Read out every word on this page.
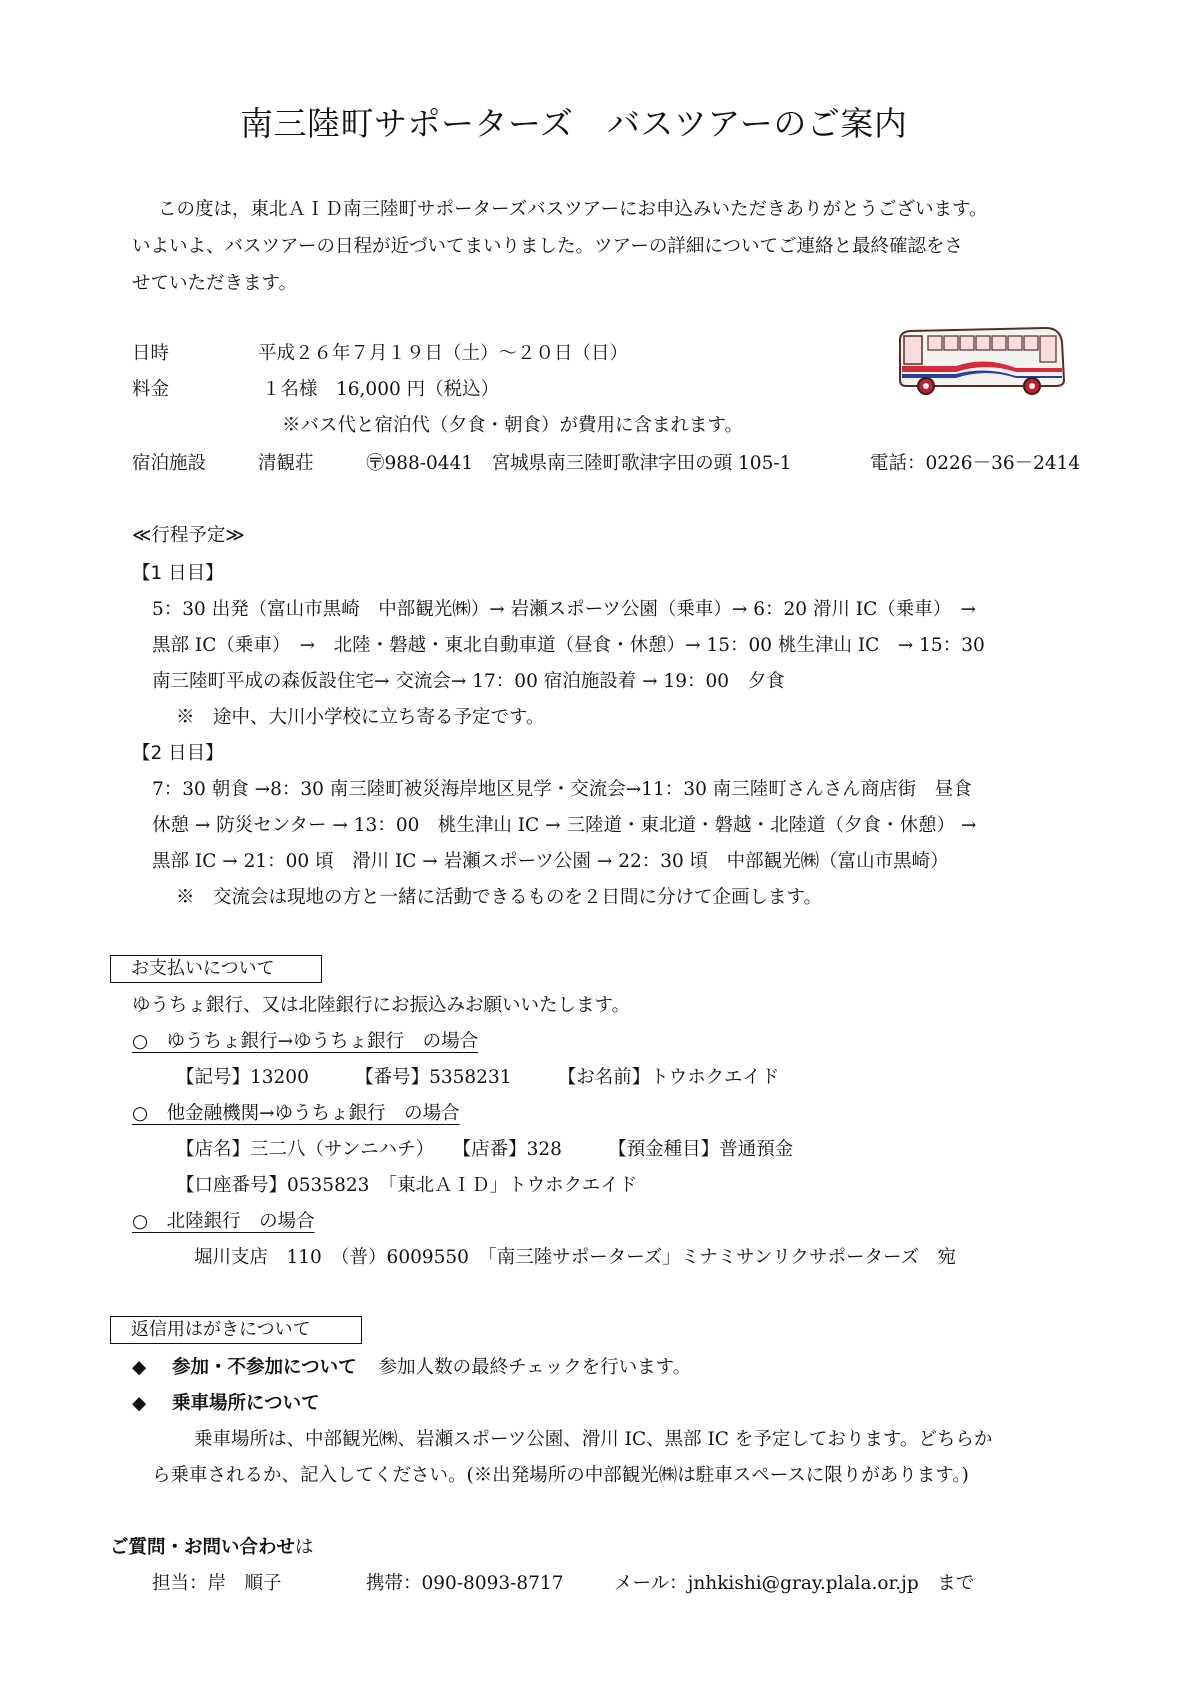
南三陸町サポーターズ　バスツアーのご案内
この度は，東北ＡＩＤ南三陸町サポーターズバスツアーにお申込みいただきありがとうございます。
いよいよ、バスツアーの日程が近づいてまいりました。ツアーの詳細についてご連絡と最終確認をさ
せていただきます。
日時	平成２６年７月１９日（土）～２０日（日）
料金	１名様　16,000 円（税込）
※バス代と宿泊代（夕食・朝食）が費用に含まれます。
宿泊施設	清観荘	〶988-0441　宮城県南三陸町歌津字田の頭 105-1	電話：0226－36－2414
≪行程予定≫
【1 日目】
5：30 出発（富山市黒崎　中部観光㈱）→ 岩瀬スポーツ公園（乗車）→ 6：20 滑川 IC（乗車）　→
黒部 IC（乗車）　→　北陸・磐越・東北自動車道（昼食・休憩）→ 15：00 桃生津山 IC　→ 15：30
南三陸町平成の森仮設住宅→ 交流会→ 17：00 宿泊施設着 → 19：00　夕食
※　途中、大川小学校に立ち寄る予定です。
【2 日目】
7：30 朝食 →8：30 南三陸町被災海岸地区見学・交流会→11：30 南三陸町さんさん商店街　昼食
休憩 → 防災センター → 13：00　桃生津山 IC → 三陸道・東北道・磐越・北陸道（夕食・休憩） →
黒部 IC → 21：00 頃　滑川 IC → 岩瀬スポーツ公園 → 22：30 頃　中部観光㈱（富山市黒崎）
※　交流会は現地の方と一緒に活動できるものを２日間に分けて企画します。
お支払いについて
ゆうちょ銀行、又は北陸銀行にお振込みお願いいたします。
○　ゆうちょ銀行→ゆうちょ銀行　の場合
【記号】13200　　　【番号】5358231　　　【お名前】トウホクエイド
○　他金融機関→ゆうちょ銀行　の場合
【店名】三二八（サンニハチ）　　【店番】328　　　【預金種目】普通預金
【口座番号】0535823　「東北ＡＩＤ」トウホクエイド
○　北陸銀行　の場合
堀川支店　110　（普）6009550　「南三陸サポーターズ」ミナミサンリクサポーターズ　宛
返信用はがきについて
◆ 参加・不参加について 参加人数の最終チェックを行います。
◆ 乗車場所について
乗車場所は、中部観光㈱、岩瀬スポーツ公園、滑川 IC、黒部 IC を予定しております。どちらか
ら乗車されるか、記入してください。(※出発場所の中部観光㈱は駐車スペースに限りがあります。)
ご質問・お問い合わせは
担当：岸　順子	携帯：090-8093-8717	メール：jnhkishi@gray.plala.or.jp　まで
